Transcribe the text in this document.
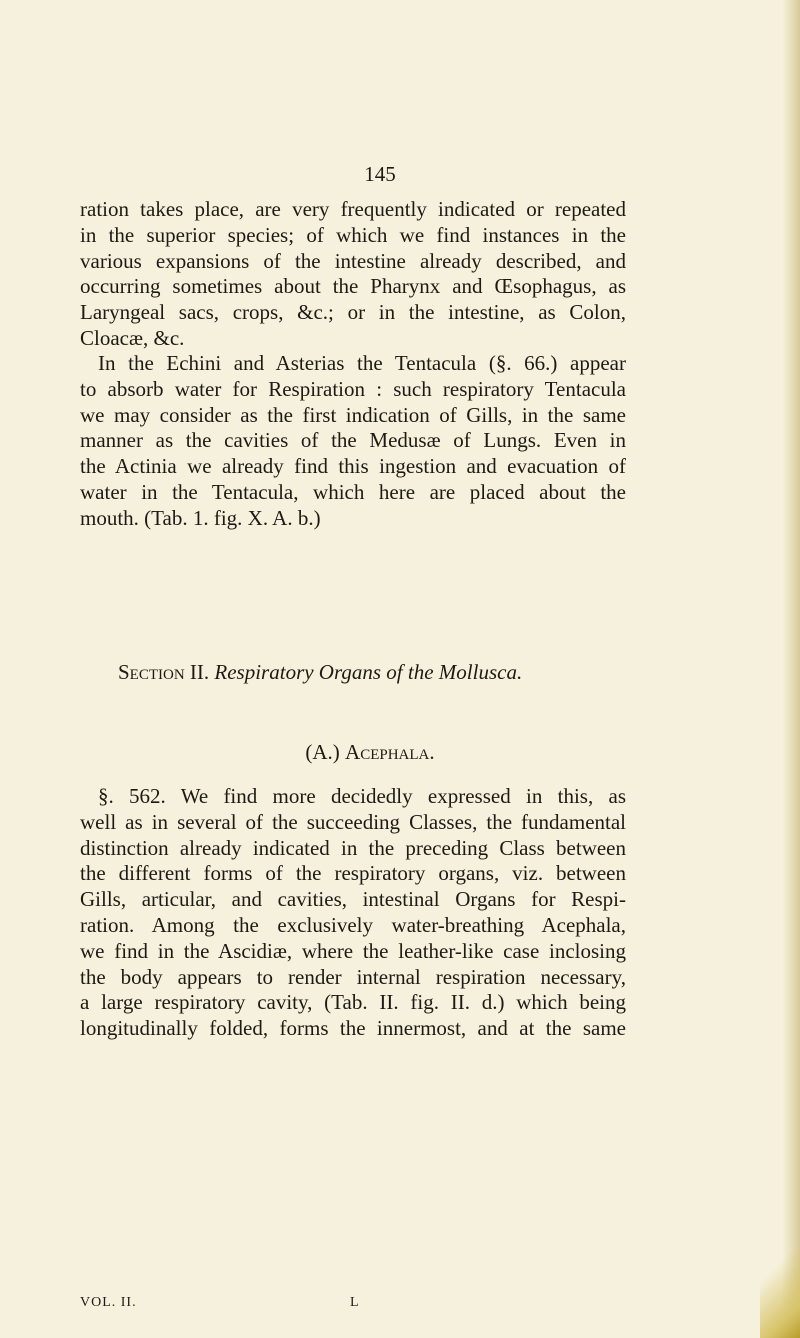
145
ration takes place, are very frequently indicated or repeated
in the superior species; of which we find instances in the
various expansions of the intestine already described, and
occurring sometimes about the Pharynx and Œsophagus, as
Laryngeal sacs, crops, &c.; or in the intestine, as Colon,
Cloacæ, &c.
In the Echini and Asterias the Tentacula (§. 66.) appear
to absorb water for Respiration : such respiratory Tentacula
we may consider as the first indication of Gills, in the same
manner as the cavities of the Medusæ of Lungs. Even in
the Actinia we already find this ingestion and evacuation of
water in the Tentacula, which here are placed about the
mouth. (Tab. 1. fig. X. A. b.)
Section II. Respiratory Organs of the Mollusca.
(A.) Acephala.
§. 562. We find more decidedly expressed in this, as
well as in several of the succeeding Classes, the fundamental
distinction already indicated in the preceding Class between
the different forms of the respiratory organs, viz. between
Gills, articular, and cavities, intestinal Organs for Respi-
ration. Among the exclusively water-breathing Acephala,
we find in the Ascidiæ, where the leather-like case inclosing
the body appears to render internal respiration necessary,
a large respiratory cavity, (Tab. II. fig. II. d.) which being
longitudinally folded, forms the innermost, and at the same
VOL. II.	L
